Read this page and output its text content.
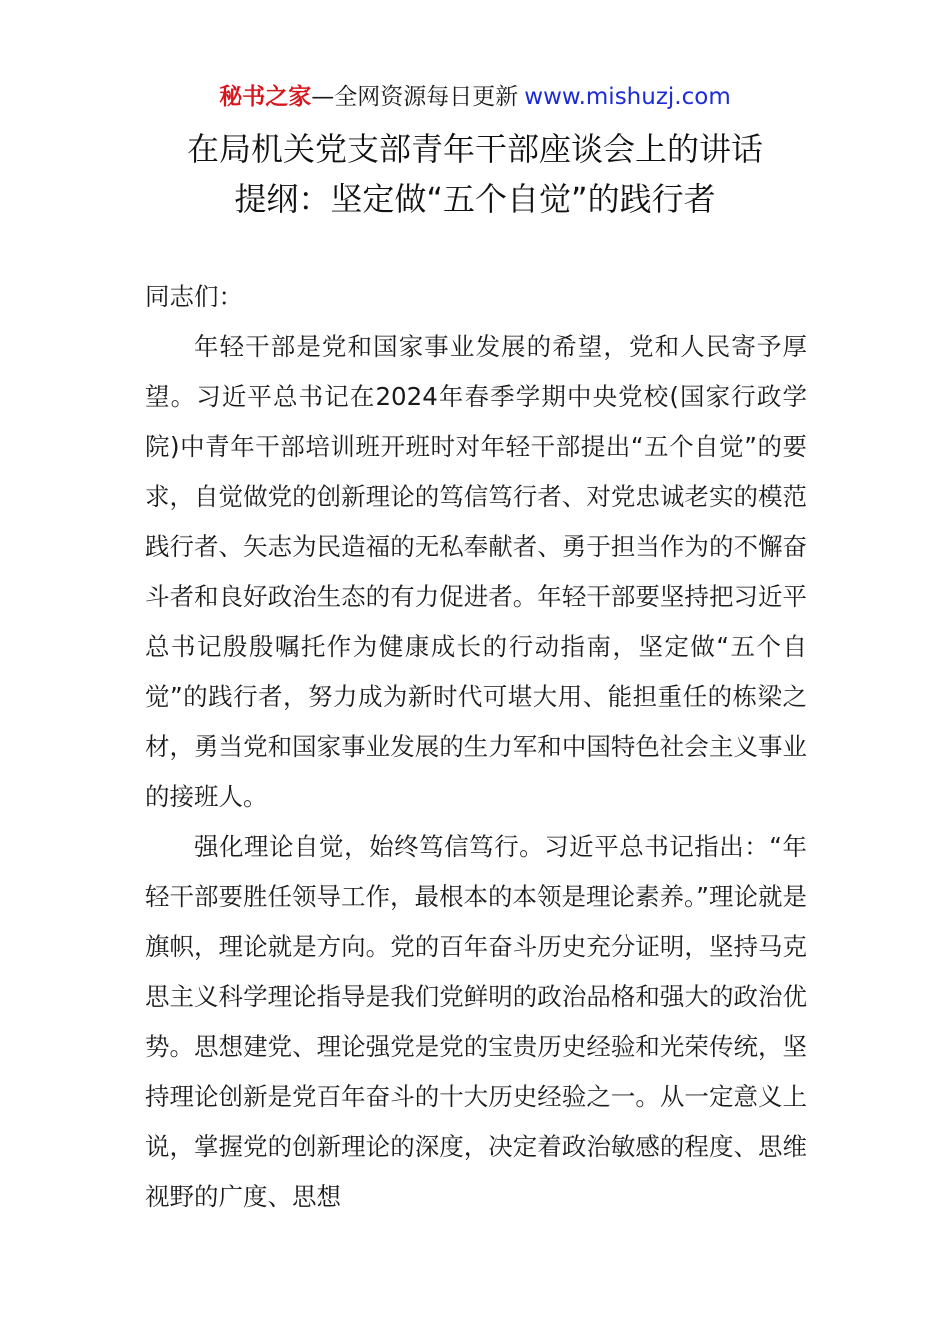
秘书之家—全网资源每日更新 www.mishuzj.com
在局机关党支部青年干部座谈会上的讲话
提纲：坚定做“五个自觉”的践行者

同志们：

年轻干部是党和国家事业发展的希望，党和人民寄予厚望。习近平总书记在2024年春季学期中央党校(国家行政学院)中青年干部培训班开班时对年轻干部提出“五个自觉”的要求，自觉做党的创新理论的笃信笃行者、对党忠诚老实的模范践行者、矢志为民造福的无私奉献者、勇于担当作为的不懈奋斗者和良好政治生态的有力促进者。年轻干部要坚持把习近平总书记殷殷嘱托作为健康成长的行动指南，坚定做“五个自觉”的践行者，努力成为新时代可堪大用、能担重任的栋梁之材，勇当党和国家事业发展的生力军和中国特色社会主义事业的接班人。

强化理论自觉，始终笃信笃行。习近平总书记指出：“年轻干部要胜任领导工作，最根本的本领是理论素养。”理论就是旗帜，理论就是方向。党的百年奋斗历史充分证明，坚持马克思主义科学理论指导是我们党鲜明的政治品格和强大的政治优势。思想建党、理论强党是党的宝贵历史经验和光荣传统，坚持理论创新是党百年奋斗的十大历史经验之一。从一定意义上说，掌握党的创新理论的深度，决定着政治敏感的程度、思维视野的广度、思想
